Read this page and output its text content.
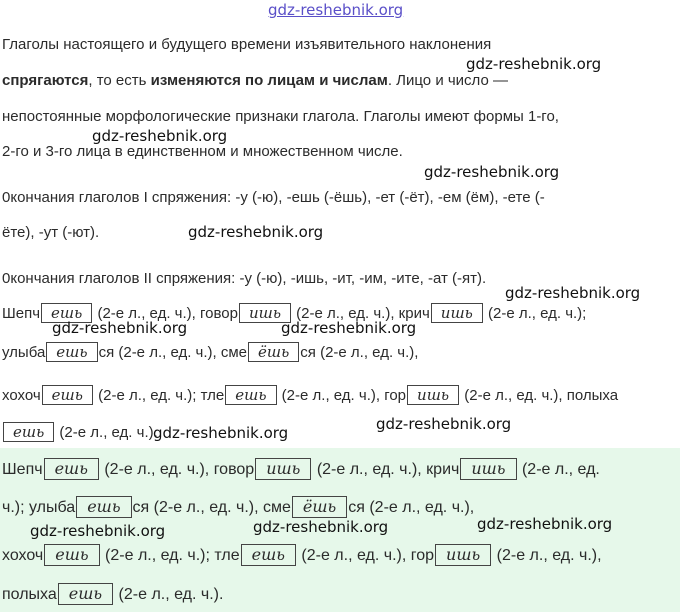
gdz-reshebnik.org
Глаголы настоящего и будущего времени изъявительного наклонения
спрягаются, то есть изменяются по лицам и числам. Лицо и число —
непостоянные морфологические признаки глагола. Глаголы имеют формы 1-го,
2-го и 3-го лица в единственном и множественном числе.
0кончания глаголов I спряжения: -у (-ю), -ешь (-ёшь), -ет (-ёт), -ем (ём), -ете (-
ёте), -ут (-ют).
0кончания глаголов II спряжения: -у (-ю), -ишь, -ит, -им, -ите, -ат (-ят).
Шепч ешь (2-е л., ед. ч.), говор ишь (2-е л., ед. ч.), крич ишь (2-е л., ед. ч.);
улыба ешь ся (2-е л., ед. ч.), сме ёшь ся (2-е л., ед. ч.),
хохоч ешь (2-е л., ед. ч.); тле ешь (2-е л., ед. ч.), гор ишь (2-е л., ед. ч.), полыха
ешь (2-е л., ед. ч.).
Шепч ешь (2-е л., ед. ч.), говор ишь (2-е л., ед. ч.), крич ишь (2-е л., ед.
ч.); улыба ешь ся (2-е л., ед. ч.), сме ёшь ся (2-е л., ед. ч.),
хохоч ешь (2-е л., ед. ч.); тле ешь (2-е л., ед. ч.), гор ишь (2-е л., ед. ч.),
полыха ешь (2-е л., ед. ч.).
gdz-reshebnik.org
gdz-reshebnik.org
gdz-reshebnik.org
gdz-reshebnik.org
gdz-reshebnik.org
gdz-reshebnik.org	gdz-reshebnik.org
gdz-reshebnik.org
gdz-reshebnik.org
gdz-reshebnik.org	gdz-reshebnik.org	gdz-reshebnik.org
